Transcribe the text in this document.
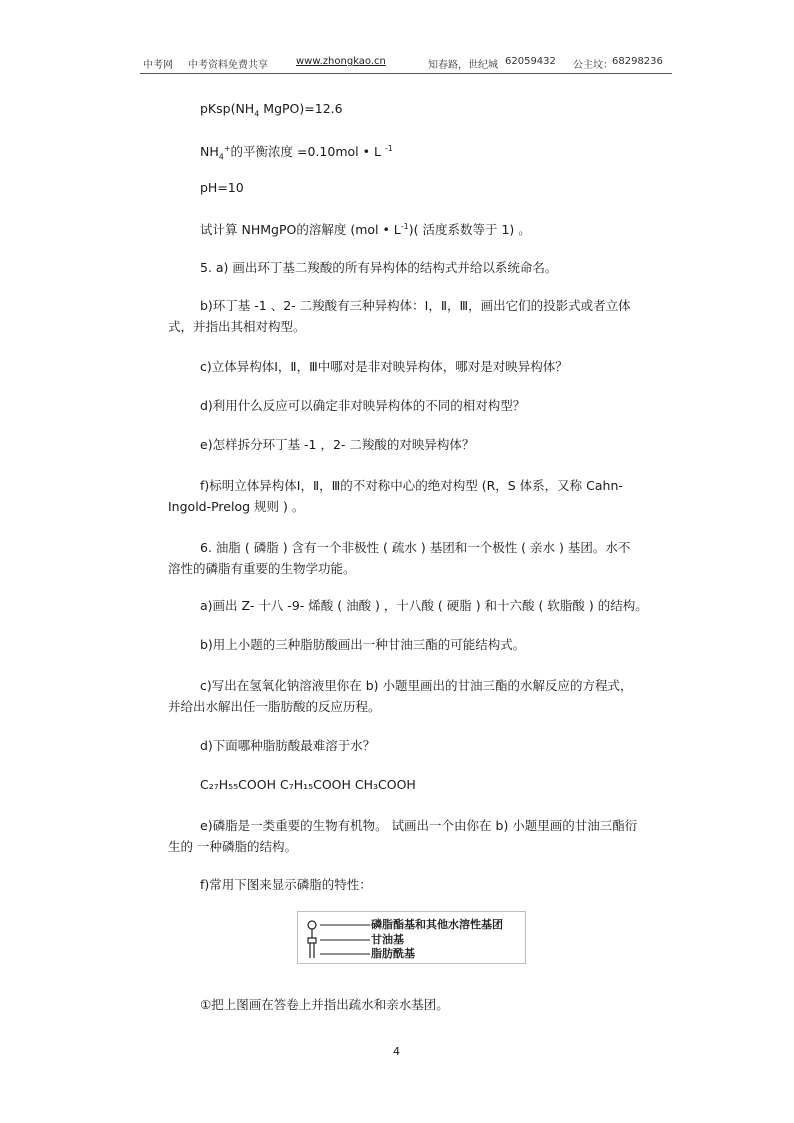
中考网 中考资料免费共享	www.zhongkao.cn	知春路，世纪城 62059432 公主坟： 68298236
$pKsp(NH_4$ MgPO)=12.6
$NH_4^+$的平衡浓度 =0.10mol • L $^{-1}$
pH=10
试计算 NHMgPO的溶解度 (mol • $L^{-1}$)( 活度系数等于 1) 。
5. a) 画出环丁基二羧酸的所有异构体的结构式并给以系统命名。
b)环丁基 -1 、2- 二羧酸有三种异构体：Ⅰ，Ⅱ，Ⅲ，画出它们的投影式或者立体式，并指出其相对构型。
c)立体异构体Ⅰ，Ⅱ，Ⅲ中哪对是非对映异构体，哪对是对映异构体？
d)利用什么反应可以确定非对映异构体的不同的相对构型？
e)怎样拆分环丁基 -1 ，2- 二羧酸的对映异构体？
f)标明立体异构体Ⅰ，Ⅱ，Ⅲ的不对称中心的绝对构型 (R，S 体系，又称 Cahn-Ingold-Prelog 规则 ) 。
6. 油脂 ( 磷脂 ) 含有一个非极性 ( 疏水 ) 基团和一个极性 ( 亲水 ) 基团。水不溶性的磷脂有重要的生物学功能。
a)画出 Z- 十八 -9- 烯酸 ( 油酸 ) ，十八酸 ( 硬脂 ) 和十六酸 ( 软脂酸 ) 的结构。
b)用上小题的三种脂肪酸画出一种甘油三酯的可能结构式。
c)写出在氢氧化钠溶液里你在 b) 小题里画出的甘油三酯的水解反应的方程式，并给出水解出任一脂肪酸的反应历程。
d)下面哪种脂肪酸最难溶于水？
C₂₇H₅₅COOH C₇H₁₅COOH CH₃COOH
e)磷脂是一类重要的生物有机物。 试画出一个由你在 b) 小题里画的甘油三酯衍生的 一种磷脂的结构。
f)常用下图来显示磷脂的特性：
磷脂酯基和其他水溶性基团
甘油基
脂肪酰基
①把上图画在答卷上并指出疏水和亲水基团。
4
